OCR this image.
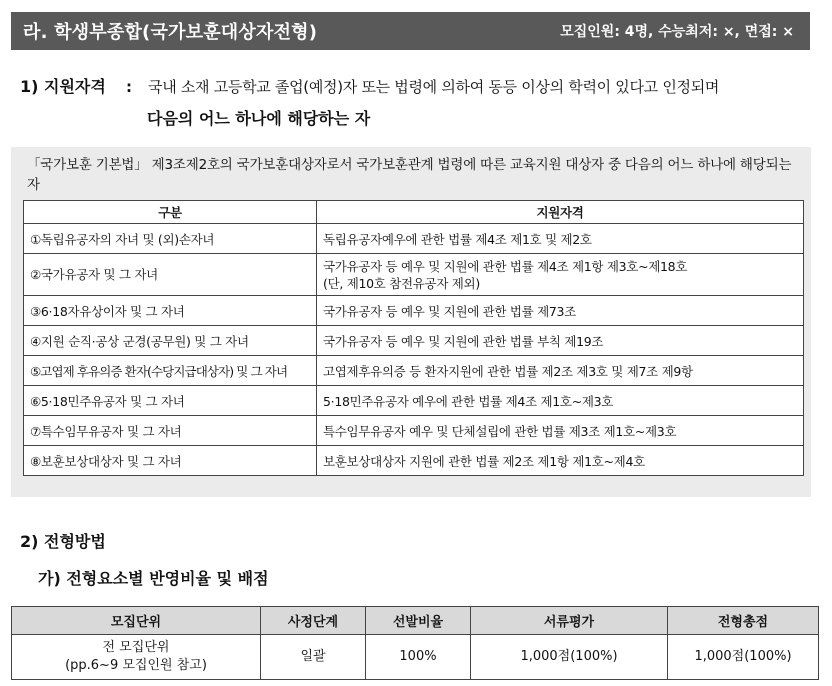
라. 학생부종합(국가보훈대상자전형)	모집인원: 4명, 수능최저: ×, 면접: ×
1) 지원자격	:	국내 소재 고등학교 졸업(예정)자 또는 법령에 의하여 동등 이상의 학력이 있다고 인정되며
다음의 어느 하나에 해당하는 자

「국가보훈 기본법」 제3조제2호의 국가보훈대상자로서 국가보훈관계 법령에 따른 교육지원 대상자 중 다음의 어느 하나에 해당되는 자

구분	지원자격
①독립유공자의 자녀 및 (외)손자녀	독립유공자예우에 관한 법률 제4조 제1호 및 제2호
②국가유공자 및 그 자녀	국가유공자 등 예우 및 지원에 관한 법률 제4조 제1항 제3호~제18호
(단, 제10호 참전유공자 제외)

③6·18자유상이자 및 그 자녀	국가유공자 등 예우 및 지원에 관한 법률 제73조
④지원 순직·공상 군경(공무원) 및 그 자녀	국가유공자 등 예우 및 지원에 관한 법률 부칙 제19조
⑤고엽제 후유의증 환자(수당지급대상자) 및 그 자녀	고엽제후유의증 등 환자지원에 관한 법률 제2조 제3호 및 제7조 제9항
⑥5·18민주유공자 및 그 자녀	5·18민주유공자 예우에 관한 법률 제4조 제1호~제3호
⑦특수임무유공자 및 그 자녀	특수임무유공자 예우 및 단체설립에 관한 법률 제3조 제1호~제3호
⑧보훈보상대상자 및 그 자녀	보훈보상대상자 지원에 관한 법률 제2조 제1항 제1호~제4호
2) 전형방법
가) 전형요소별 반영비율 및 배점
모집단위	사정단계	선발비율	서류평가	전형총점

전 모집단위
(pp.6~9 모집인원 참고)	일괄	100%	1,000점(100%)	1,000점(100%)
